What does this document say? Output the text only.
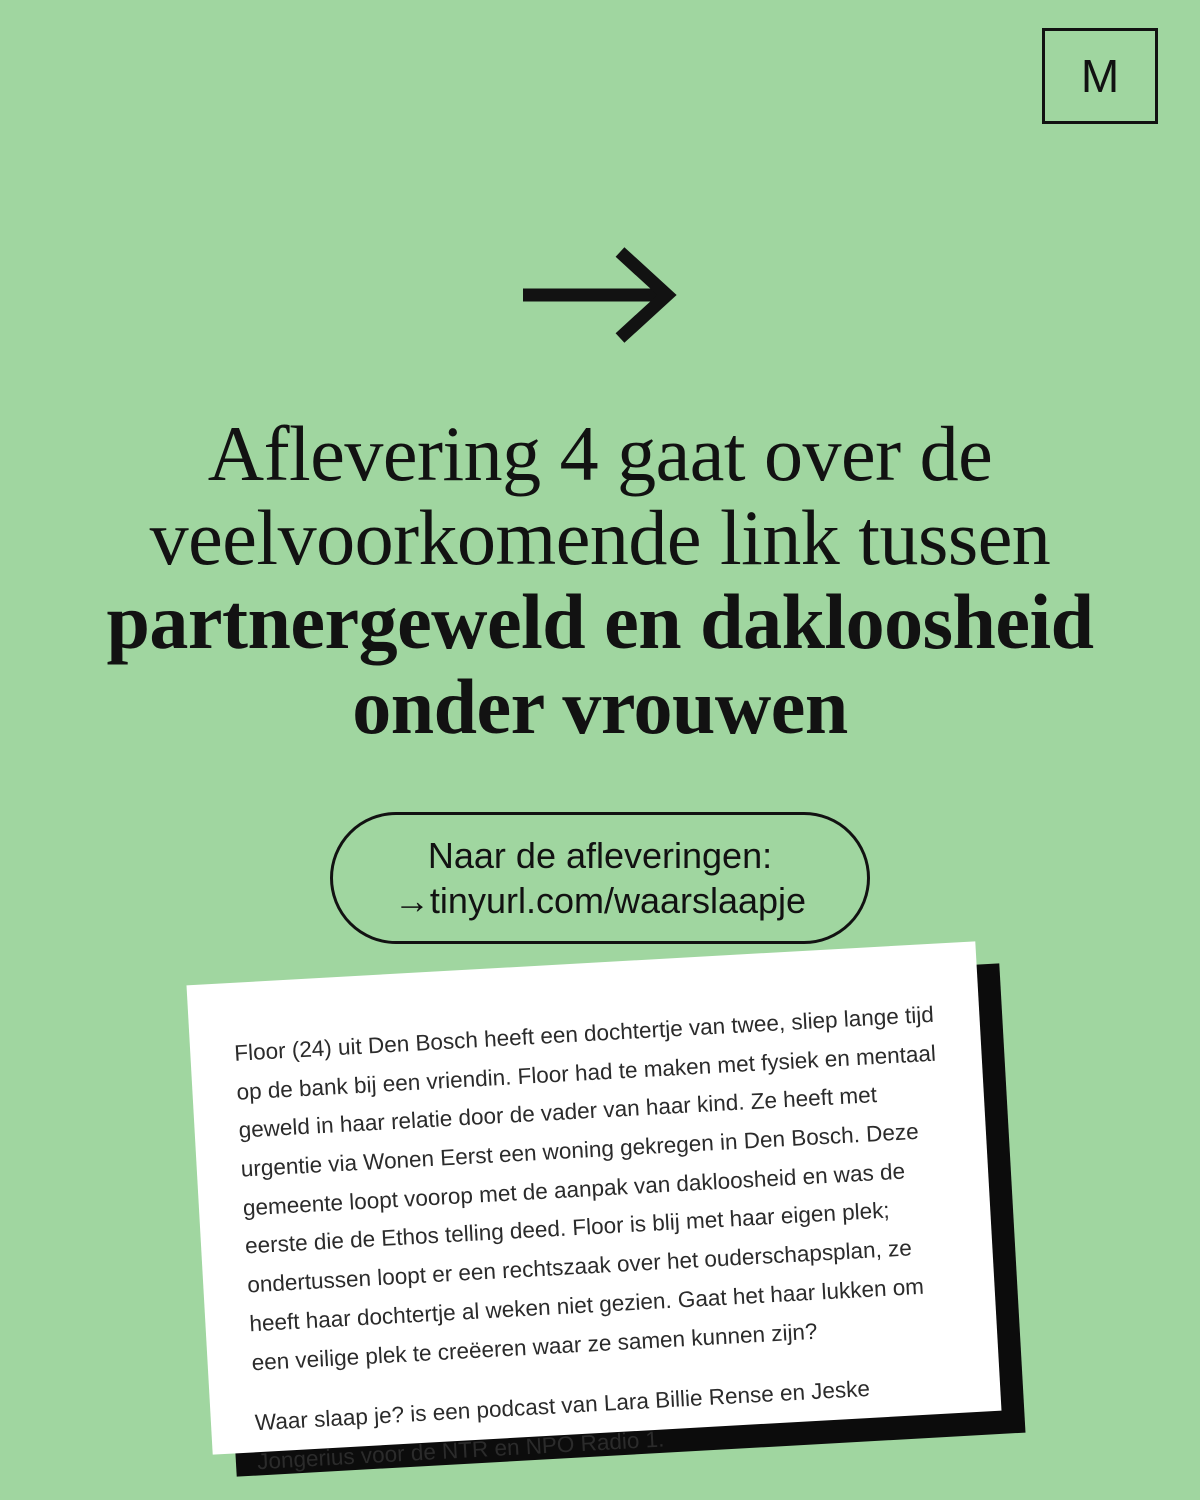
M
Aflevering 4 gaat over de veelvoorkomende link tussen partnergeweld en dakloosheid onder vrouwen
Naar de afleveringen:
→tinyurl.com/waarslaapje

Floor (24) uit Den Bosch heeft een dochtertje van twee, sliep lange tijd op de bank bij een vriendin. Floor had te maken met fysiek en mentaal geweld in haar relatie door de vader van haar kind. Ze heeft met urgentie via Wonen Eerst een woning gekregen in Den Bosch. Deze gemeente loopt voorop met de aanpak van dakloosheid en was de eerste die de Ethos telling deed. Floor is blij met haar eigen plek; ondertussen loopt er een rechtszaak over het ouderschapsplan, ze heeft haar dochtertje al weken niet gezien. Gaat het haar lukken om een veilige plek te creëeren waar ze samen kunnen zijn?

Waar slaap je? is een podcast van Lara Billie Rense en Jeske Jongerius voor de NTR en NPO Radio 1.
